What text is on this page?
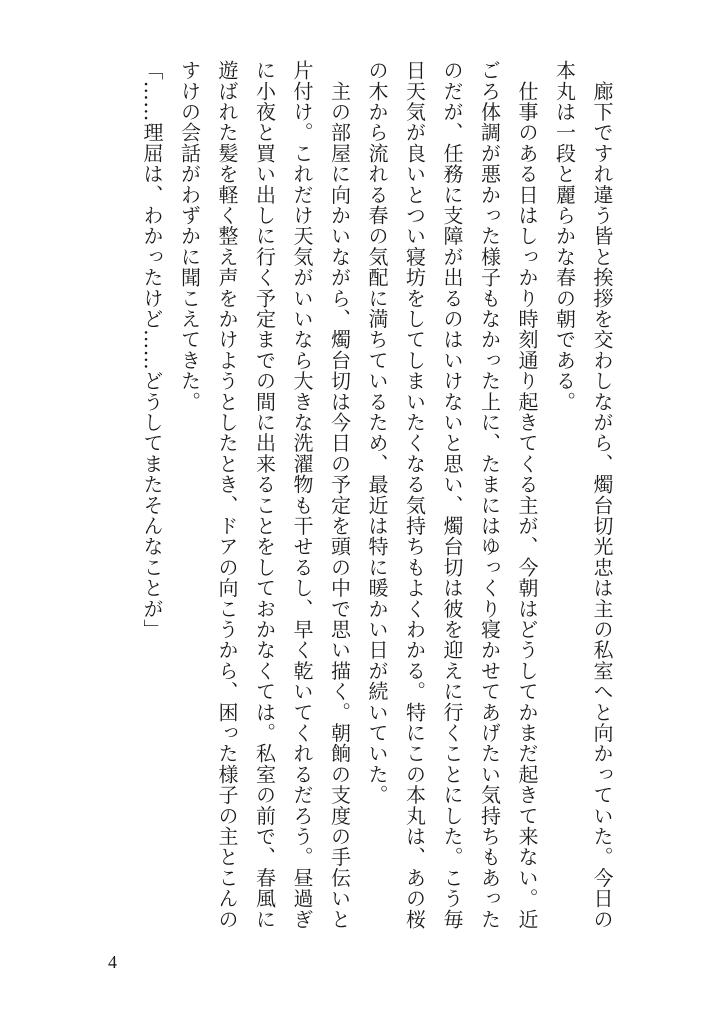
　廊下ですれ違う皆と挨拶を交わしながら、燭台切光忠は主の私室へと向かっていた。今日の
本丸は一段と麗らかな春の朝である。
　仕事のある日はしっかり時刻通り起きてくる主が、今朝はどうしてかまだ起きて来ない。近
ごろ体調が悪かった様子もなかった上に、たまにはゆっくり寝かせてあげたい気持ちもあった
のだが、任務に支障が出るのはいけないと思い、燭台切は彼を迎えに行くことにした。こう毎
日天気が良いとつい寝坊をしてしまいたくなる気持ちもよくわかる。特にこの本丸は、あの桜
の木から流れる春の気配に満ちているため、最近は特に暖かい日が続いていた。
　主の部屋に向かいながら、燭台切は今日の予定を頭の中で思い描く。朝餉の支度の手伝いと
片付け。これだけ天気がいいなら大きな洗濯物も干せるし、早く乾いてくれるだろう。昼過ぎ
に小夜と買い出しに行く予定までの間に出来ることをしておかなくては。私室の前で、春風に
遊ばれた髪を軽く整え声をかけようとしたとき、ドアの向こうから、困った様子の主とこんの
すけの会話がわずかに聞こえてきた。
「……理屈は、わかったけど……どうしてまたそんなことが」
4
